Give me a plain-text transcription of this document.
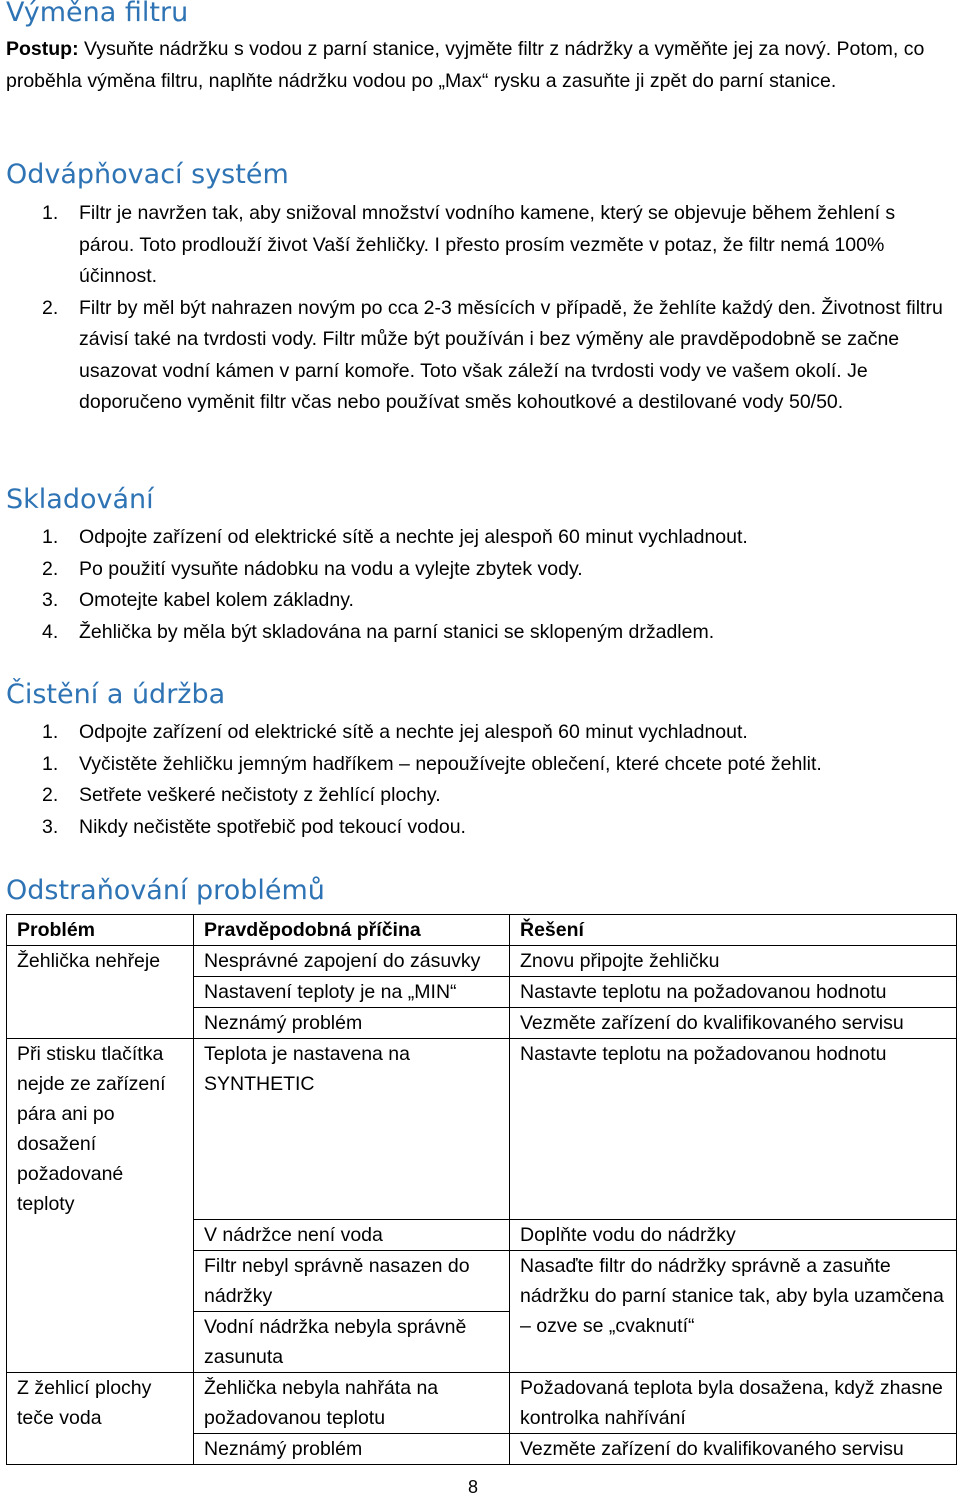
Výměna filtru

Postup: Vysuňte nádržku s vodou z parní stanice, vyjměte filtr z nádržky a vyměňte jej za nový. Potom, co proběhla výměna filtru, naplňte nádržku vodou po „Max“ rysku a zasuňte ji zpět do parní stanice.

Odvápňovací systém
1. Filtr je navržen tak, aby snižoval množství vodního kamene, který se objevuje během žehlení s párou. Toto prodlouží život Vaší žehličky. I přesto prosím vezměte v potaz, že filtr nemá 100% účinnost.
2. Filtr by měl být nahrazen novým po cca 2-3 měsících v případě, že žehlíte každý den. Životnost filtru závisí také na tvrdosti vody. Filtr může být používán i bez výměny ale pravděpodobně se začne usazovat vodní kámen v parní komoře. Toto však záleží na tvrdosti vody ve vašem okolí. Je doporučeno vyměnit filtr včas nebo používat směs kohoutkové a destilované vody 50/50.
Skladování
1. Odpojte zařízení od elektrické sítě a nechte jej alespoň 60 minut vychladnout.
2. Po použití vysuňte nádobku na vodu a vylejte zbytek vody.
3. Omotejte kabel kolem základny.
4. Žehlička by měla být skladována na parní stanici se sklopeným držadlem.
Čistění a údržba
1. Odpojte zařízení od elektrické sítě a nechte jej alespoň 60 minut vychladnout.
1. Vyčistěte žehličku jemným hadříkem – nepoužívejte oblečení, které chcete poté žehlit.
2. Setřete veškeré nečistoty z žehlící plochy.
3. Nikdy nečistěte spotřebič pod tekoucí vodou.
Odstraňování problémů
Problém	Pravděpodobná příčina	Řešení
Žehlička nehřeje	Nesprávné zapojení do zásuvky	Znovu připojte žehličku
	Nastavení teploty je na „MIN“	Nastavte teplotu na požadovanou hodnotu
	Neznámý problém	Vezměte zařízení do kvalifikovaného servisu
Při stisku tlačítka nejde ze zařízení pára ani po dosažení požadované teploty	Teplota je nastavena na SYNTHETIC	Nastavte teplotu na požadovanou hodnotu
	V nádržce není voda	Doplňte vodu do nádržky
	Filtr nebyl správně nasazen do nádržky	Nasaďte filtr do nádržky správně a zasuňte nádržku do parní stanice tak, aby byla uzamčena – ozve se „cvaknutí“
	Vodní nádržka nebyla správně zasunuta	
Z žehlicí plochy teče voda	Žehlička nebyla nahřáta na požadovanou teplotu	Požadovaná teplota byla dosažena, když zhasne kontrolka nahřívání
	Neznámý problém	Vezměte zařízení do kvalifikovaného servisu
8
